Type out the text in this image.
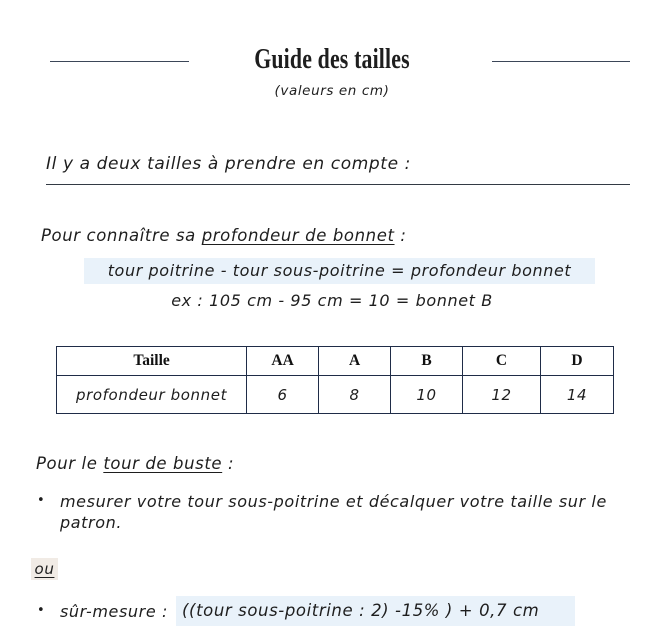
Guide des tailles
(valeurs en cm)
Il y a deux tailles à prendre en compte :
Pour connaître sa profondeur de bonnet :
tour poitrine - tour sous-poitrine = profondeur bonnet
ex : 105 cm - 95 cm = 10 = bonnet B
Taille	AA	A	B	C	D
profondeur bonnet	6	8	10	12	14
Pour le tour de buste :
• mesurer votre tour sous-poitrine et décalquer votre taille sur le patron.
ou
• sûr-mesure : ((tour sous-poitrine : 2) -15% ) + 0,7 cm
